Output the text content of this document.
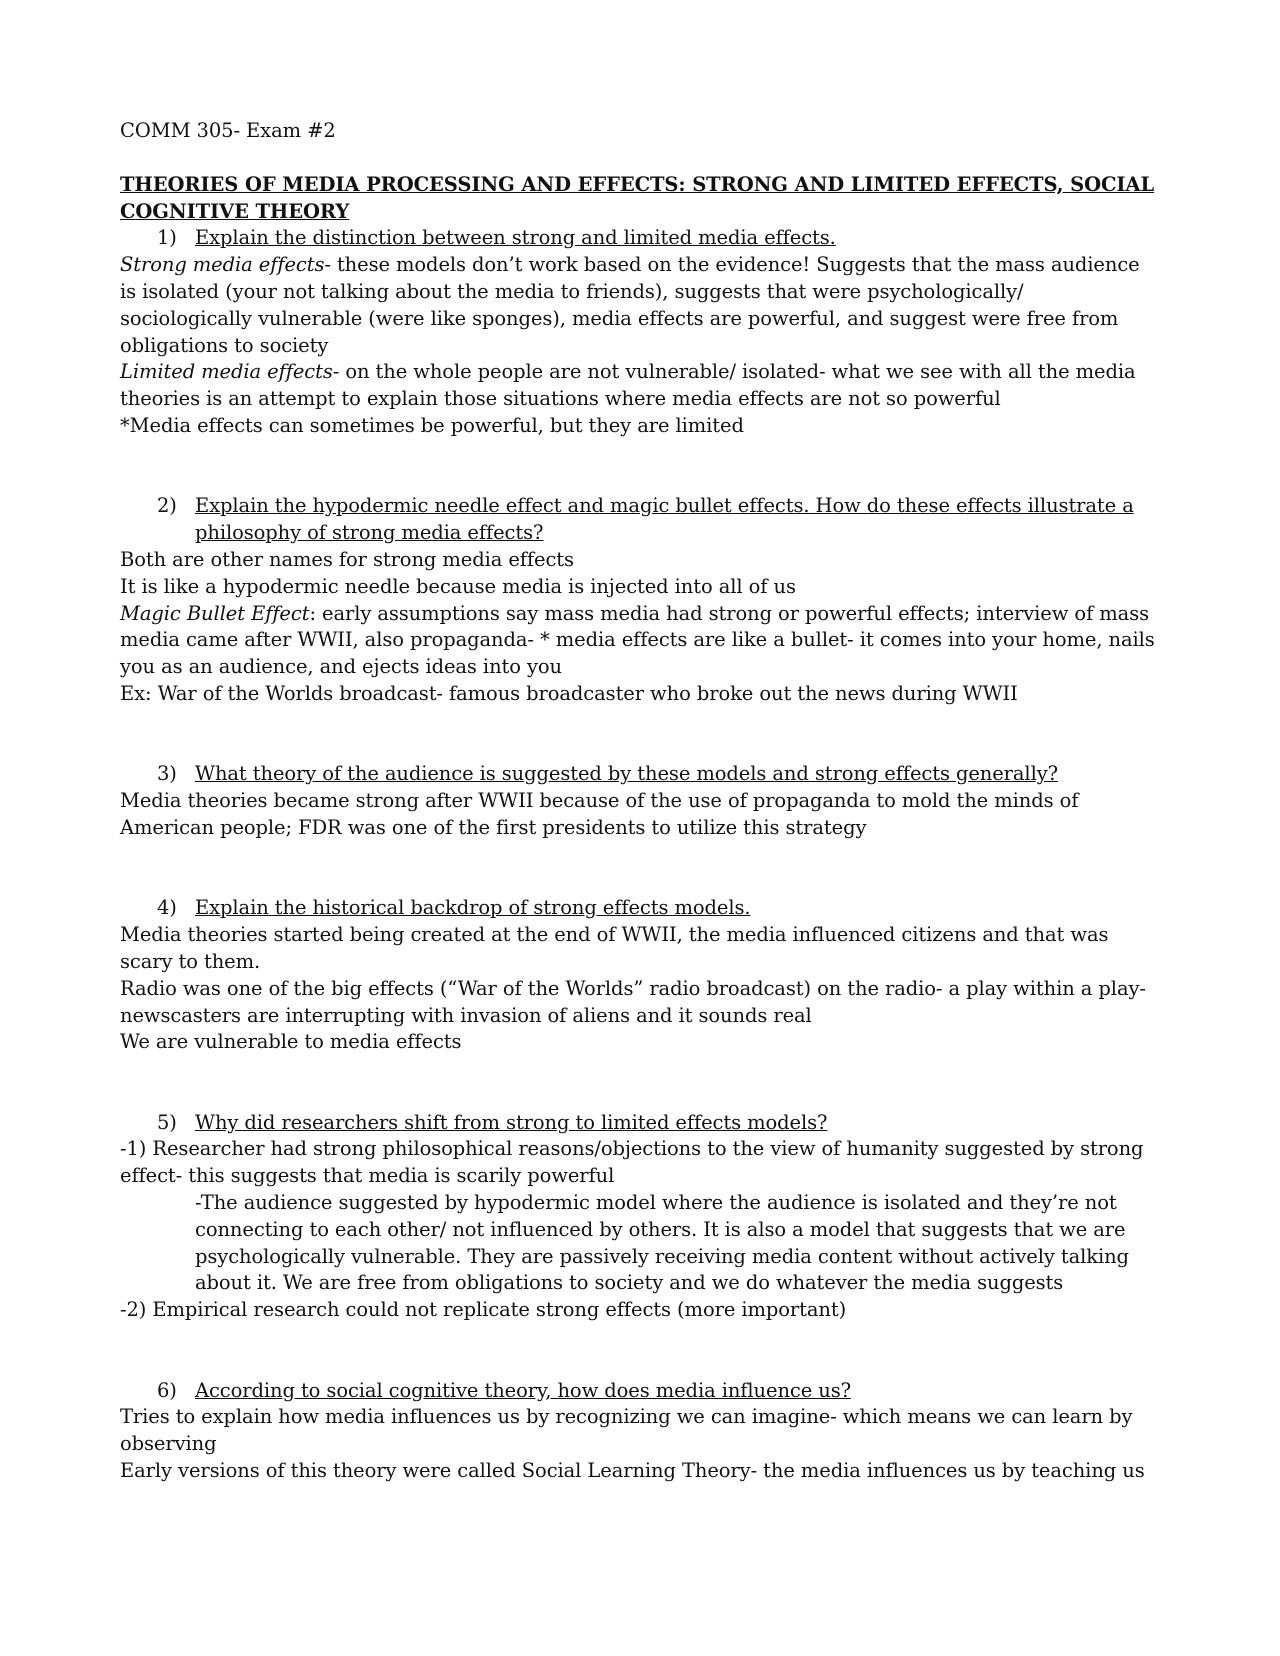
COMM 305- Exam #2

THEORIES OF MEDIA PROCESSING AND EFFECTS: STRONG AND LIMITED EFFECTS, SOCIAL COGNITIVE THEORY

1) Explain the distinction between strong and limited media effects.

Strong media effects- these models don’t work based on the evidence! Suggests that the mass audience is isolated (your not talking about the media to friends), suggests that were psychologically/ sociologically vulnerable (were like sponges), media effects are powerful, and suggest were free from obligations to society

Limited media effects- on the whole people are not vulnerable/ isolated- what we see with all the media theories is an attempt to explain those situations where media effects are not so powerful

*Media effects can sometimes be powerful, but they are limited

2) Explain the hypodermic needle effect and magic bullet effects. How do these effects illustrate a philosophy of strong media effects?

Both are other names for strong media effects

It is like a hypodermic needle because media is injected into all of us

Magic Bullet Effect: early assumptions say mass media had strong or powerful effects; interview of mass media came after WWII, also propaganda- * media effects are like a bullet- it comes into your home, nails you as an audience, and ejects ideas into you

Ex: War of the Worlds broadcast- famous broadcaster who broke out the news during WWII

3) What theory of the audience is suggested by these models and strong effects generally?

Media theories became strong after WWII because of the use of propaganda to mold the minds of American people; FDR was one of the first presidents to utilize this strategy

4) Explain the historical backdrop of strong effects models.

Media theories started being created at the end of WWII, the media influenced citizens and that was scary to them.

Radio was one of the big effects (“War of the Worlds” radio broadcast) on the radio- a play within a play- newscasters are interrupting with invasion of aliens and it sounds real

We are vulnerable to media effects

5) Why did researchers shift from strong to limited effects models?

-1) Researcher had strong philosophical reasons/objections to the view of humanity suggested by strong effect- this suggests that media is scarily powerful

-The audience suggested by hypodermic model where the audience is isolated and they’re not connecting to each other/ not influenced by others. It is also a model that suggests that we are psychologically vulnerable. They are passively receiving media content without actively talking about it. We are free from obligations to society and we do whatever the media suggests

-2) Empirical research could not replicate strong effects (more important)

6) According to social cognitive theory, how does media influence us?

Tries to explain how media influences us by recognizing we can imagine- which means we can learn by observing

Early versions of this theory were called Social Learning Theory- the media influences us by teaching us
